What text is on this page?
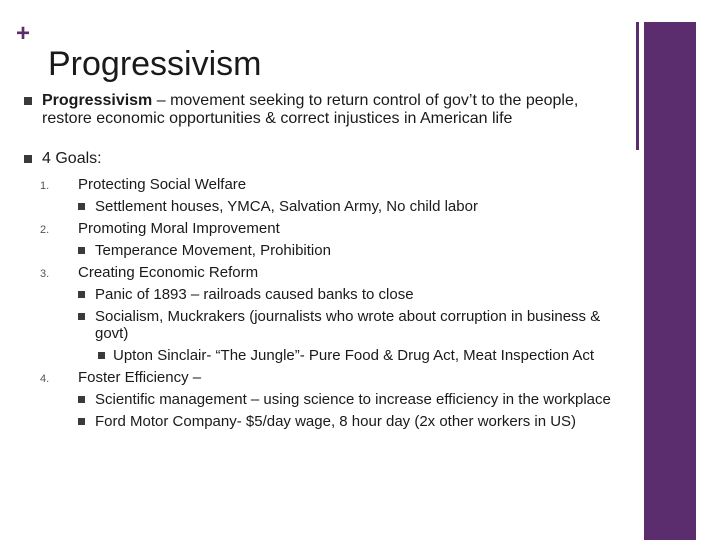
+
Progressivism
Progressivism – movement seeking to return control of gov’t to the people, restore economic opportunities & correct injustices in American life
4 Goals:
1. Protecting Social Welfare
Settlement houses, YMCA, Salvation Army, No child labor
2. Promoting Moral Improvement
Temperance Movement, Prohibition
3. Creating Economic Reform
Panic of 1893 – railroads caused banks to close
Socialism, Muckrakers (journalists who wrote about corruption in business & govt)
Upton Sinclair- “The Jungle”- Pure Food & Drug Act, Meat Inspection Act
4. Foster Efficiency –
Scientific management – using science to increase efficiency in the workplace
Ford Motor Company- $5/day wage, 8 hour day (2x other workers in US)
